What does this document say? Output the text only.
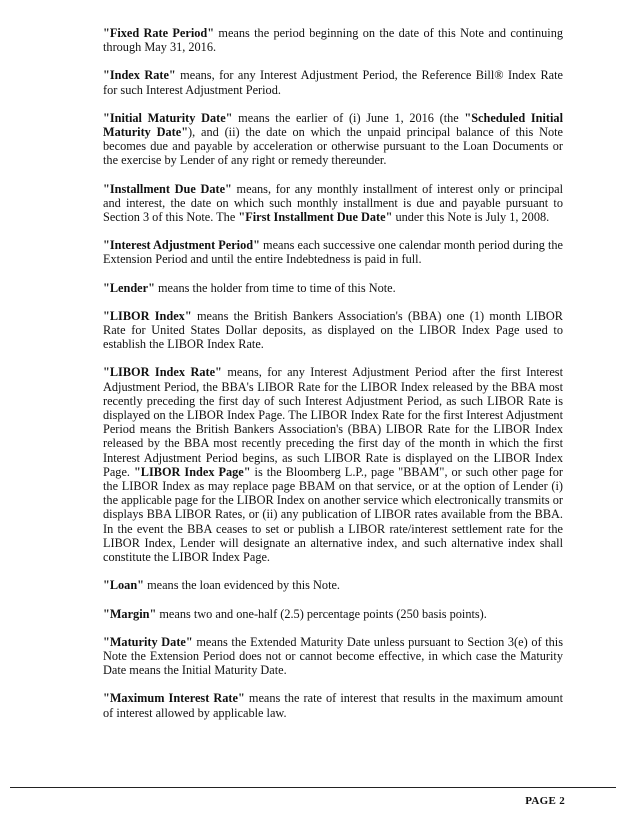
"Fixed Rate Period" means the period beginning on the date of this Note and continuing through May 31, 2016.

"Index Rate" means, for any Interest Adjustment Period, the Reference Bill® Index Rate for such Interest Adjustment Period.

"Initial Maturity Date" means the earlier of (i) June 1, 2016 (the "Scheduled Initial Maturity Date"), and (ii) the date on which the unpaid principal balance of this Note becomes due and payable by acceleration or otherwise pursuant to the Loan Documents or the exercise by Lender of any right or remedy thereunder.

"Installment Due Date" means, for any monthly installment of interest only or principal and interest, the date on which such monthly installment is due and payable pursuant to Section 3 of this Note. The "First Installment Due Date" under this Note is July 1, 2008.

"Interest Adjustment Period" means each successive one calendar month period during the Extension Period and until the entire Indebtedness is paid in full.

"Lender" means the holder from time to time of this Note.

"LIBOR Index" means the British Bankers Association's (BBA) one (1) month LIBOR Rate for United States Dollar deposits, as displayed on the LIBOR Index Page used to establish the LIBOR Index Rate.

"LIBOR Index Rate" means, for any Interest Adjustment Period after the first Interest Adjustment Period, the BBA's LIBOR Rate for the LIBOR Index released by the BBA most recently preceding the first day of such Interest Adjustment Period, as such LIBOR Rate is displayed on the LIBOR Index Page. The LIBOR Index Rate for the first Interest Adjustment Period means the British Bankers Association's (BBA) LIBOR Rate for the LIBOR Index released by the BBA most recently preceding the first day of the month in which the first Interest Adjustment Period begins, as such LIBOR Rate is displayed on the LIBOR Index Page. "LIBOR Index Page" is the Bloomberg L.P., page "BBAM", or such other page for the LIBOR Index as may replace page BBAM on that service, or at the option of Lender (i) the applicable page for the LIBOR Index on another service which electronically transmits or displays BBA LIBOR Rates, or (ii) any publication of LIBOR rates available from the BBA. In the event the BBA ceases to set or publish a LIBOR rate/interest settlement rate for the LIBOR Index, Lender will designate an alternative index, and such alternative index shall constitute the LIBOR Index Page.

"Loan" means the loan evidenced by this Note.

"Margin" means two and one-half (2.5) percentage points (250 basis points).

"Maturity Date" means the Extended Maturity Date unless pursuant to Section 3(e) of this Note the Extension Period does not or cannot become effective, in which case the Maturity Date means the Initial Maturity Date.

"Maximum Interest Rate" means the rate of interest that results in the maximum amount of interest allowed by applicable law.

PAGE 2
